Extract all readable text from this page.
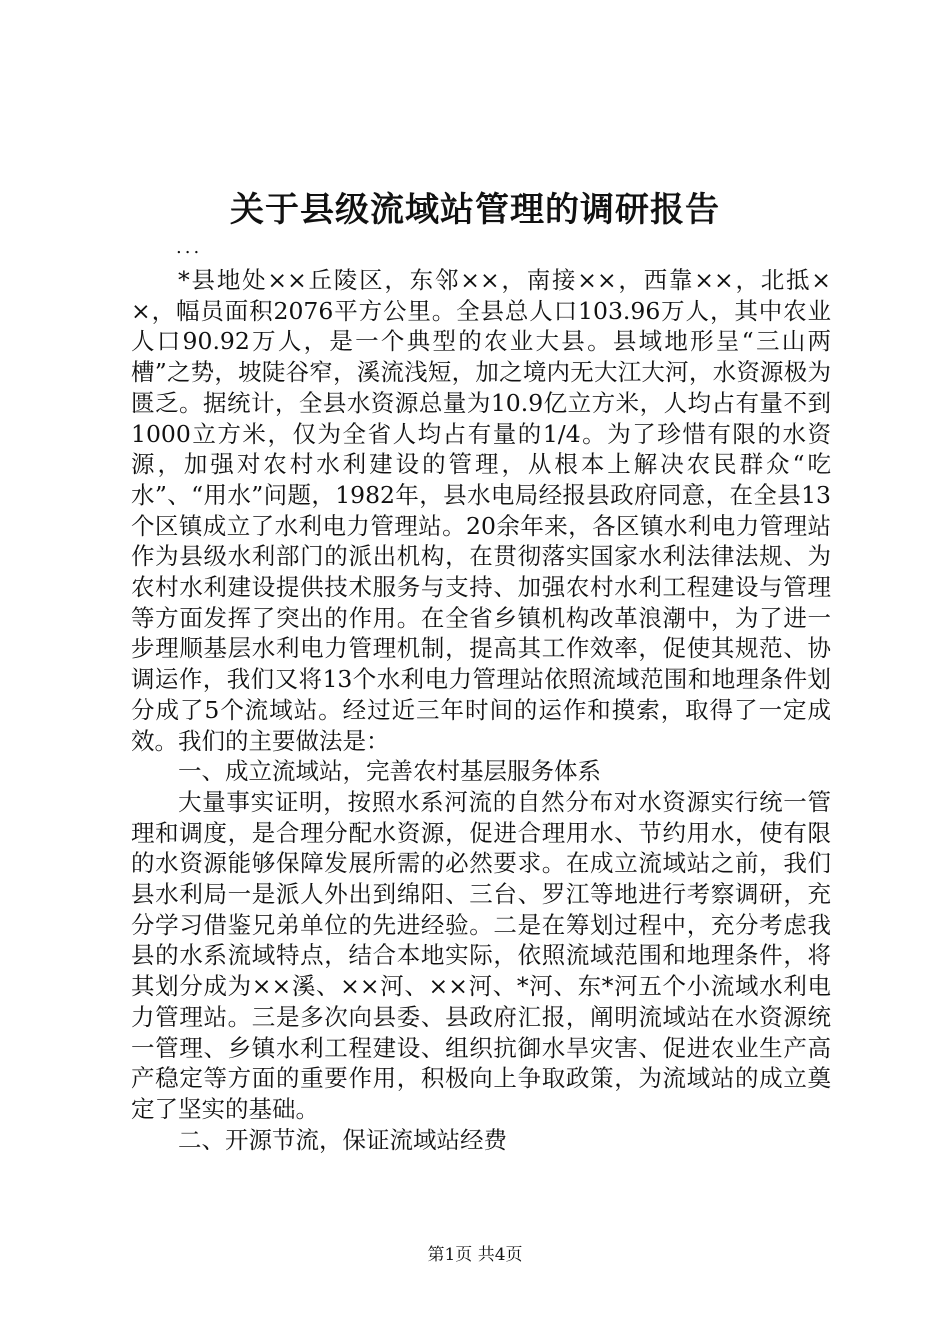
关于县级流域站管理的调研报告
...

*县地处××丘陵区，东邻××，南接××，西靠××，北抵××，幅员面积2076平方公里。全县总人口103.96万人，其中农业人口90.92万人，是一个典型的农业大县。县域地形呈“三山两槽”之势，坡陡谷窄，溪流浅短，加之境内无大江大河，水资源极为匮乏。据统计，全县水资源总量为10.9亿立方米，人均占有量不到1000立方米，仅为全省人均占有量的1/4。为了珍惜有限的水资源，加强对农村水利建设的管理，从根本上解决农民群众“吃水”、“用水”问题，1982年，县水电局经报县政府同意，在全县13个区镇成立了水利电力管理站。20余年来，各区镇水利电力管理站作为县级水利部门的派出机构，在贯彻落实国家水利法律法规、为农村水利建设提供技术服务与支持、加强农村水利工程建设与管理等方面发挥了突出的作用。在全省乡镇机构改革浪潮中，为了进一步理顺基层水利电力管理机制，提高其工作效率，促使其规范、协调运作，我们又将13个水利电力管理站依照流域范围和地理条件划分成了5个流域站。经过近三年时间的运作和摸索，取得了一定成效。我们的主要做法是：

一、成立流域站，完善农村基层服务体系

大量事实证明，按照水系河流的自然分布对水资源实行统一管理和调度，是合理分配水资源，促进合理用水、节约用水，使有限的水资源能够保障发展所需的必然要求。在成立流域站之前，我们县水利局一是派人外出到绵阳、三台、罗江等地进行考察调研，充分学习借鉴兄弟单位的先进经验。二是在筹划过程中，充分考虑我县的水系流域特点，结合本地实际，依照流域范围和地理条件，将其划分成为××溪、××河、××河、*河、东*河五个小流域水利电力管理站。三是多次向县委、县政府汇报，阐明流域站在水资源统一管理、乡镇水利工程建设、组织抗御水旱灾害、促进农业生产高产稳定等方面的重要作用，积极向上争取政策，为流域站的成立奠定了坚实的基础。

二、开源节流，保证流域站经费

第1页 共4页
